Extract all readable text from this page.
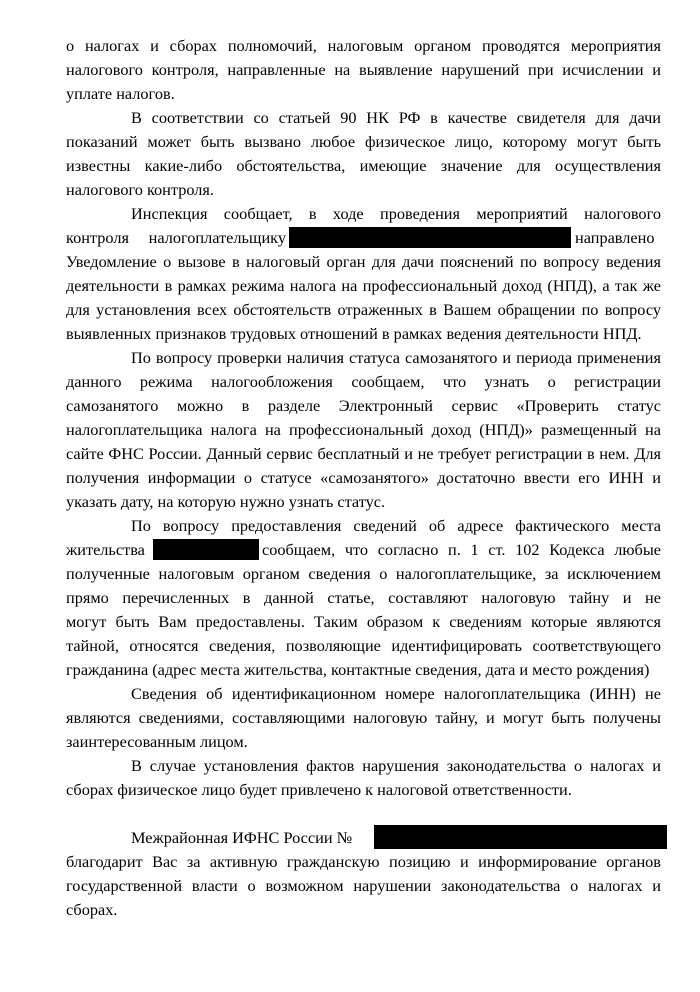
о налогах и сборах полномочий, налоговым органом проводятся мероприятия
налогового контроля, направленные на выявление нарушений при исчислении и
уплате налогов.
В соответствии со статьей 90 НК РФ в качестве свидетеля для дачи
показаний может быть вызвано любое физическое лицо, которому могут быть
известны какие-либо обстоятельства, имеющие значение для осуществления
налогового контроля.
Инспекция сообщает, в ходе проведения мероприятий налогового
контроля налогоплательщику	направлено
Уведомление о вызове в налоговый орган для дачи пояснений по вопросу ведения
деятельности в рамках режима налога на профессиональный доход (НПД), а так же
для установления всех обстоятельств отраженных в Вашем обращении по вопросу
выявленных признаков трудовых отношений в рамках ведения деятельности НПД.
По вопросу проверки наличия статуса самозанятого и периода применения
данного режима налогообложения сообщаем, что узнать о регистрации
самозанятого можно в разделе Электронный сервис «Проверить статус
налогоплательщика налога на профессиональный доход (НПД)» размещенный на
сайте ФНС России. Данный сервис бесплатный и не требует регистрации в нем. Для
получения информации о статусе «самозанятого» достаточно ввести его ИНН и
указать дату, на которую нужно узнать статус.
По вопросу предоставления сведений об адресе фактического места
жительства	сообщаем, что согласно п. 1 ст. 102 Кодекса любые
полученные налоговым органом сведения о налогоплательщике, за исключением
прямо перечисленных в данной статье, составляют налоговую тайну и не
могут быть Вам предоставлены. Таким образом к сведениям которые являются
тайной, относятся сведения, позволяющие идентифицировать соответствующего
гражданина (адрес места жительства, контактные сведения, дата и место рождения)
Сведения об идентификационном номере налогоплательщика (ИНН) не
являются сведениями, составляющими налоговую тайну, и могут быть получены
заинтересованным лицом.
В случае установления фактов нарушения законодательства о налогах и
сборах физическое лицо будет привлечено к налоговой ответственности.
Межрайонная ИФНС России №
благодарит Вас за активную гражданскую позицию и информирование органов
государственной власти о возможном нарушении законодательства о налогах и
сборах.
